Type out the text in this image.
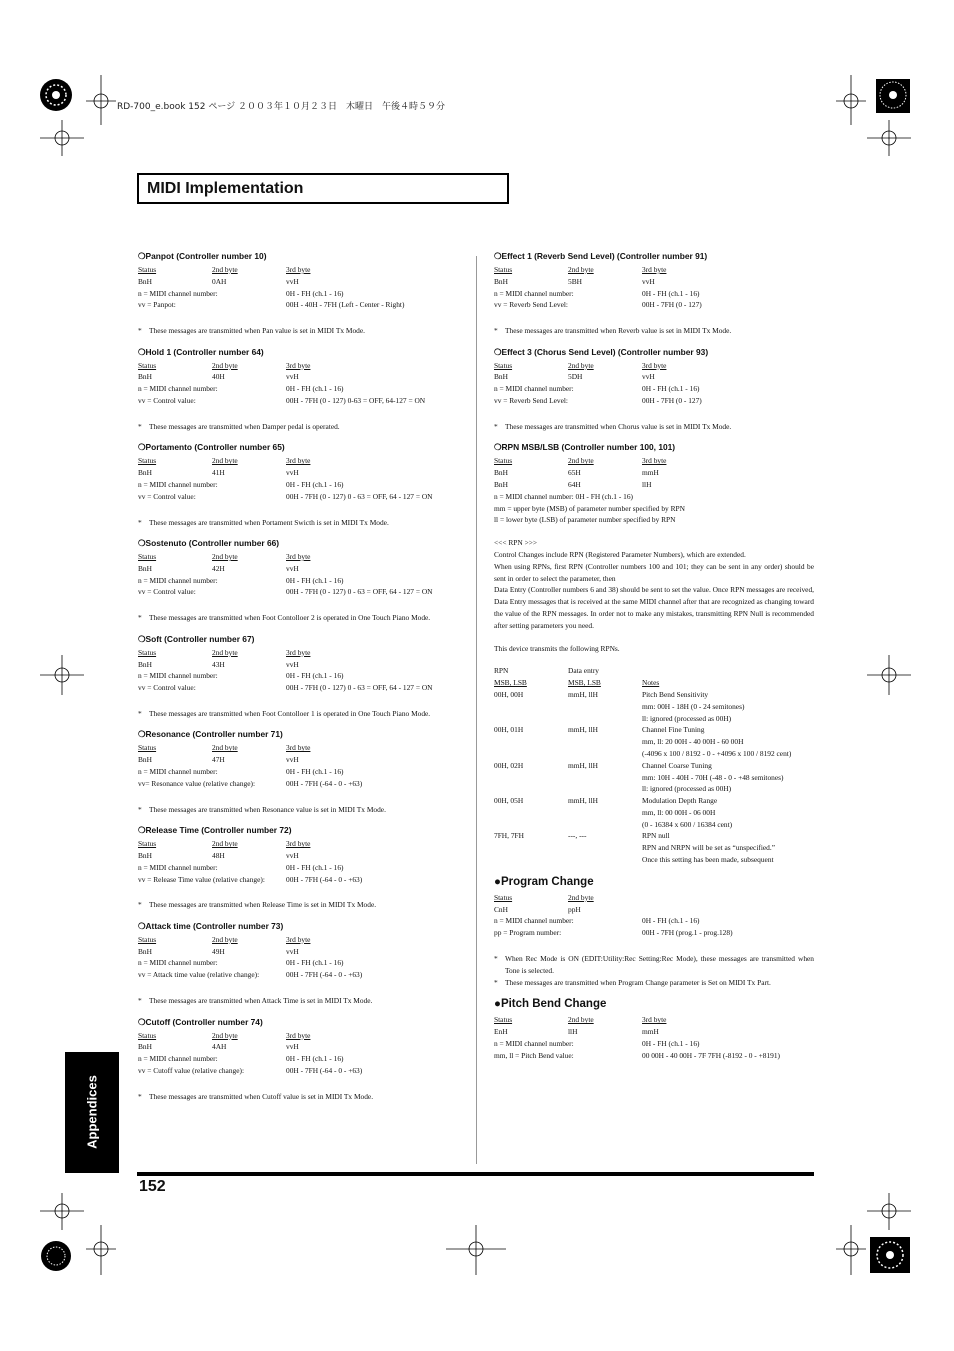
RD-700_e.book 152 ページ ２００３年１０月２３日　木曜日　午後４時５９分
MIDI Implementation
❍Panpot (Controller number 10)
Status	2nd byte	3rd byte
BnH	0AH	vvH
n = MIDI channel number:	0H - FH (ch.1 - 16)
vv = Panpot:	00H - 40H - 7FH (Left - Center - Right)
* These messages are transmitted when Pan value is set in MIDI Tx Mode.
❍Hold 1 (Controller number 64)
Status	2nd byte	3rd byte
BnH	40H	vvH
n = MIDI channel number:	0H - FH (ch.1 - 16)
vv = Control value:	00H - 7FH (0 - 127) 0-63 = OFF, 64-127 = ON
* These messages are transmitted when Damper pedal is operated.
❍Portamento (Controller number 65)
Status	2nd byte	3rd byte
BnH	41H	vvH
n = MIDI channel number:	0H - FH (ch.1 - 16)
vv = Control value:	00H - 7FH (0 - 127) 0 - 63 = OFF, 64 - 127 = ON
* These messages are transmitted when Portament Swicth is set in MIDI Tx Mode.
❍Sostenuto (Controller number 66)
Status	2nd byte	3rd byte
BnH	42H	vvH
n = MIDI channel number:	0H - FH (ch.1 - 16)
vv = Control value:	00H - 7FH (0 - 127) 0 - 63 = OFF, 64 - 127 = ON
* These messages are transmitted when Foot Contolloer 2 is operated in One Touch Piano Mode.
❍Soft (Controller number 67)
Status	2nd byte	3rd byte
BnH	43H	vvH
n = MIDI channel number:	0H - FH (ch.1 - 16)
vv = Control value:	00H - 7FH (0 - 127) 0 - 63 = OFF, 64 - 127 = ON
* These messages are transmitted when Foot Contolloer 1 is operated in One Touch Piano Mode.
❍Resonance (Controller number 71)
Status	2nd byte	3rd byte
BnH	47H	vvH
n = MIDI channel number:	0H - FH (ch.1 - 16)
vv= Resonance value (relative change):	00H - 7FH (-64 - 0 - +63)
* These messages are transmitted when Resonance value is set in MIDI Tx Mode.
❍Release Time (Controller number 72)
Status	2nd byte	3rd byte
BnH	48H	vvH
n = MIDI channel number:	0H - FH (ch.1 - 16)
vv = Release Time value (relative change):	00H - 7FH (-64 - 0 - +63)
* These messages are transmitted when Release Time is set in MIDI Tx Mode.
❍Attack time (Controller number 73)
Status	2nd byte	3rd byte
BnH	49H	vvH
n = MIDI channel number:	0H - FH (ch.1 - 16)
vv = Attack time value (relative change):	00H - 7FH (-64 - 0 - +63)
* These messages are transmitted when Attack Time is set in MIDI Tx Mode.
❍Cutoff (Controller number 74)
Status	2nd byte	3rd byte
BnH	4AH	vvH
n = MIDI channel number:	0H - FH (ch.1 - 16)
vv = Cutoff value (relative change):	00H - 7FH (-64 - 0 - +63)
* These messages are transmitted when Cutoff value is set in MIDI Tx Mode.
❍Effect 1 (Reverb Send Level) (Controller number 91)
Status	2nd byte	3rd byte
BnH	5BH	vvH
n = MIDI channel number:	0H - FH (ch.1 - 16)
vv = Reverb Send Level:	00H - 7FH (0 - 127)
* These messages are transmitted when Reverb value is set in MIDI Tx Mode.
❍Effect 3 (Chorus Send Level) (Controller number 93)
Status	2nd byte	3rd byte
BnH	5DH	vvH
n = MIDI channel number:	0H - FH (ch.1 - 16)
vv = Reverb Send Level:	00H - 7FH (0 - 127)
* These messages are transmitted when Chorus value is set in MIDI Tx Mode.
❍RPN MSB/LSB (Controller number 100, 101)
Status	2nd byte	3rd byte
BnH	65H	mmH
BnH	64H	llH
n = MIDI channel number: 0H - FH (ch.1 - 16)
mm = upper byte (MSB) of parameter number specified by RPN
ll = lower byte (LSB) of parameter number specified by RPN
<<< RPN >>>
Control Changes include RPN (Registered Parameter Numbers), which are extended.
When using RPNs, first RPN (Controller numbers 100 and 101; they can be sent in any order) should be sent in order to select the parameter, then
Data Entry (Controller numbers 6 and 38) should be sent to set the value. Once RPN messages are received, Data Entry messages that is received at the same MIDI channel after that are recognized as changing toward the value of the RPN messages. In order not to make any mistakes, transmitting RPN Null is recommended after setting parameters you need.
This device transmits the following RPNs.
RPN	Data entry
MSB, LSB	MSB, LSB	Notes
00H, 00H	mmH, llH	Pitch Bend Sensitivity
mm: 00H - 18H (0 - 24 semitones)
ll: ignored (processed as 00H)
00H, 01H	mmH, llH	Channel Fine Tuning
mm, ll: 20 00H - 40 00H - 60 00H
(-4096 x 100 / 8192 - 0 - +4096 x 100 / 8192 cent)
00H, 02H	mmH, llH	Channel Coarse Tuning
mm: 10H - 40H - 70H (-48 - 0 - +48 semitones)
ll: ignored (processed as 00H)
00H, 05H	mmH, llH	Modulation Depth Range
mm, ll: 00 00H - 06 00H
(0 - 16384 x 600 / 16384 cent)
7FH, 7FH	---, ---	RPN null
RPN and NRPN will be set as “unspecified.”
Once this setting has been made, subsequent
●Program Change
Status	2nd byte
CnH	ppH
n = MIDI channel number:	0H - FH (ch.1 - 16)
pp = Program number:	00H - 7FH (prog.1 - prog.128)
* When Rec Mode is ON (EDIT:Utility:Rec Setting:Rec Mode), these messages are transmitted when Tone is selected.
* These messages are transmitted when Program Change parameter is Set on MIDI Tx Part.
●Pitch Bend Change
Status	2nd byte	3rd byte
EnH	llH	mmH
n = MIDI channel number:	0H - FH (ch.1 - 16)
mm, ll = Pitch Bend value:	00 00H - 40 00H - 7F 7FH (-8192 - 0 - +8191)
Appendices
152
